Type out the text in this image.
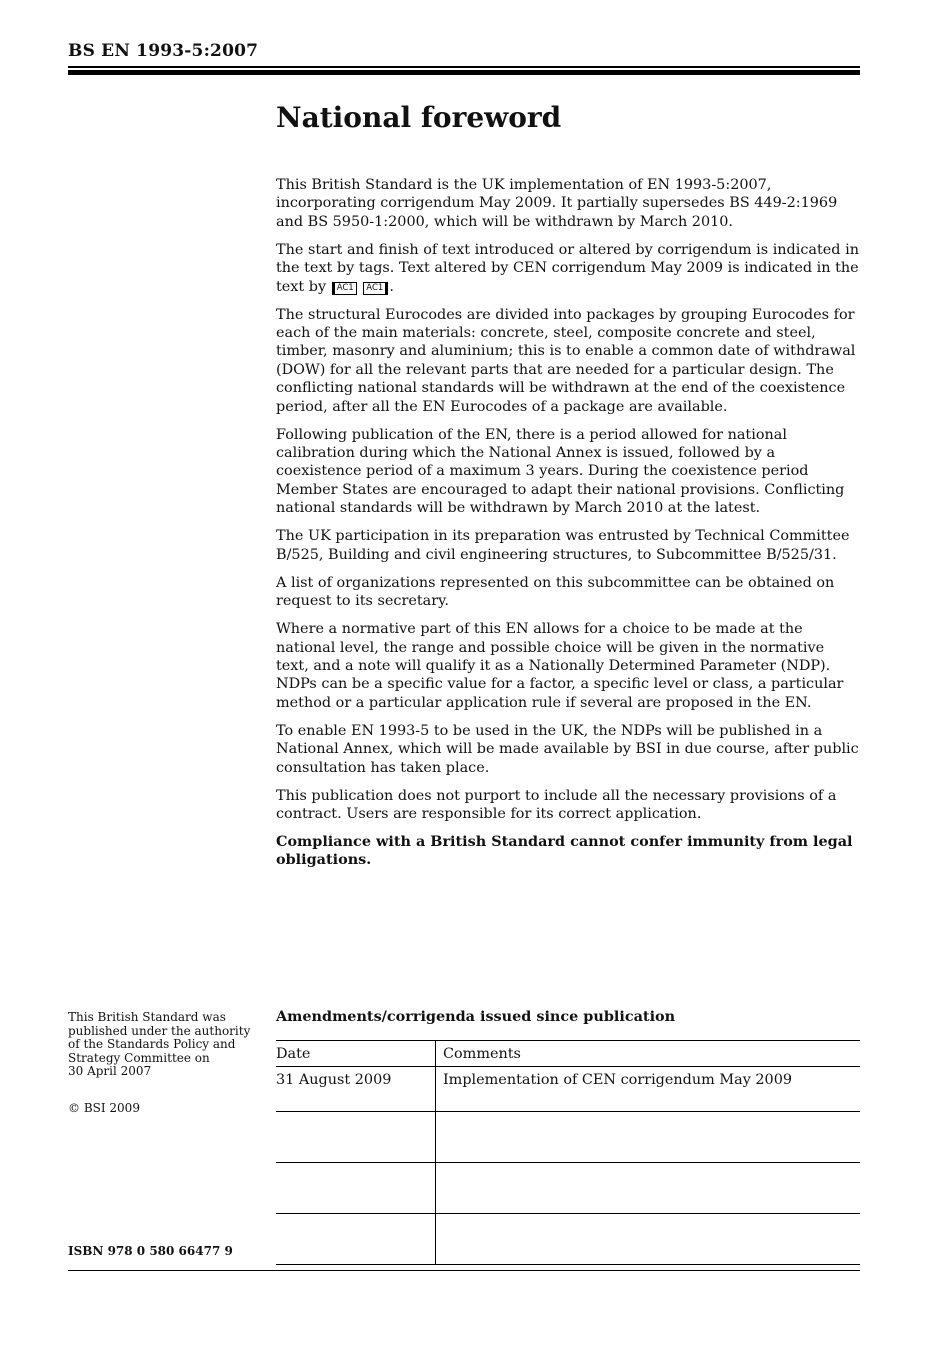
BS EN 1993-5:2007
National foreword

This British Standard is the UK implementation of EN 1993-5:2007, incorporating corrigendum May 2009. It partially supersedes BS 449-2:1969 and BS 5950-1:2000, which will be withdrawn by March 2010.

The start and finish of text introduced or altered by corrigendum is indicated in the text by tags. Text altered by CEN corrigendum May 2009 is indicated in the text by AC1 AC1 .

The structural Eurocodes are divided into packages by grouping Eurocodes for each of the main materials: concrete, steel, composite concrete and steel, timber, masonry and aluminium; this is to enable a common date of withdrawal (DOW) for all the relevant parts that are needed for a particular design. The conflicting national standards will be withdrawn at the end of the coexistence period, after all the EN Eurocodes of a package are available.

Following publication of the EN, there is a period allowed for national calibration during which the National Annex is issued, followed by a coexistence period of a maximum 3 years. During the coexistence period Member States are encouraged to adapt their national provisions. Conflicting national standards will be withdrawn by March 2010 at the latest.

The UK participation in its preparation was entrusted by Technical Committee B/525, Building and civil engineering structures, to Subcommittee B/525/31.

A list of organizations represented on this subcommittee can be obtained on request to its secretary.

Where a normative part of this EN allows for a choice to be made at the national level, the range and possible choice will be given in the normative text, and a note will qualify it as a Nationally Determined Parameter (NDP). NDPs can be a specific value for a factor, a specific level or class, a particular method or a particular application rule if several are proposed in the EN.

To enable EN 1993-5 to be used in the UK, the NDPs will be published in a National Annex, which will be made available by BSI in due course, after public consultation has taken place.

This publication does not purport to include all the necessary provisions of a contract. Users are responsible for its correct application.

Compliance with a British Standard cannot confer immunity from legal obligations.

This British Standard was

published under the authority

of the Standards Policy and

Strategy Committee on

30 April 2007

© BSI 2009

ISBN 978 0 580 66477 9

Amendments/corrigenda issued since publication
Date	Comments
31 August 2009	Implementation of CEN corrigendum May 2009
